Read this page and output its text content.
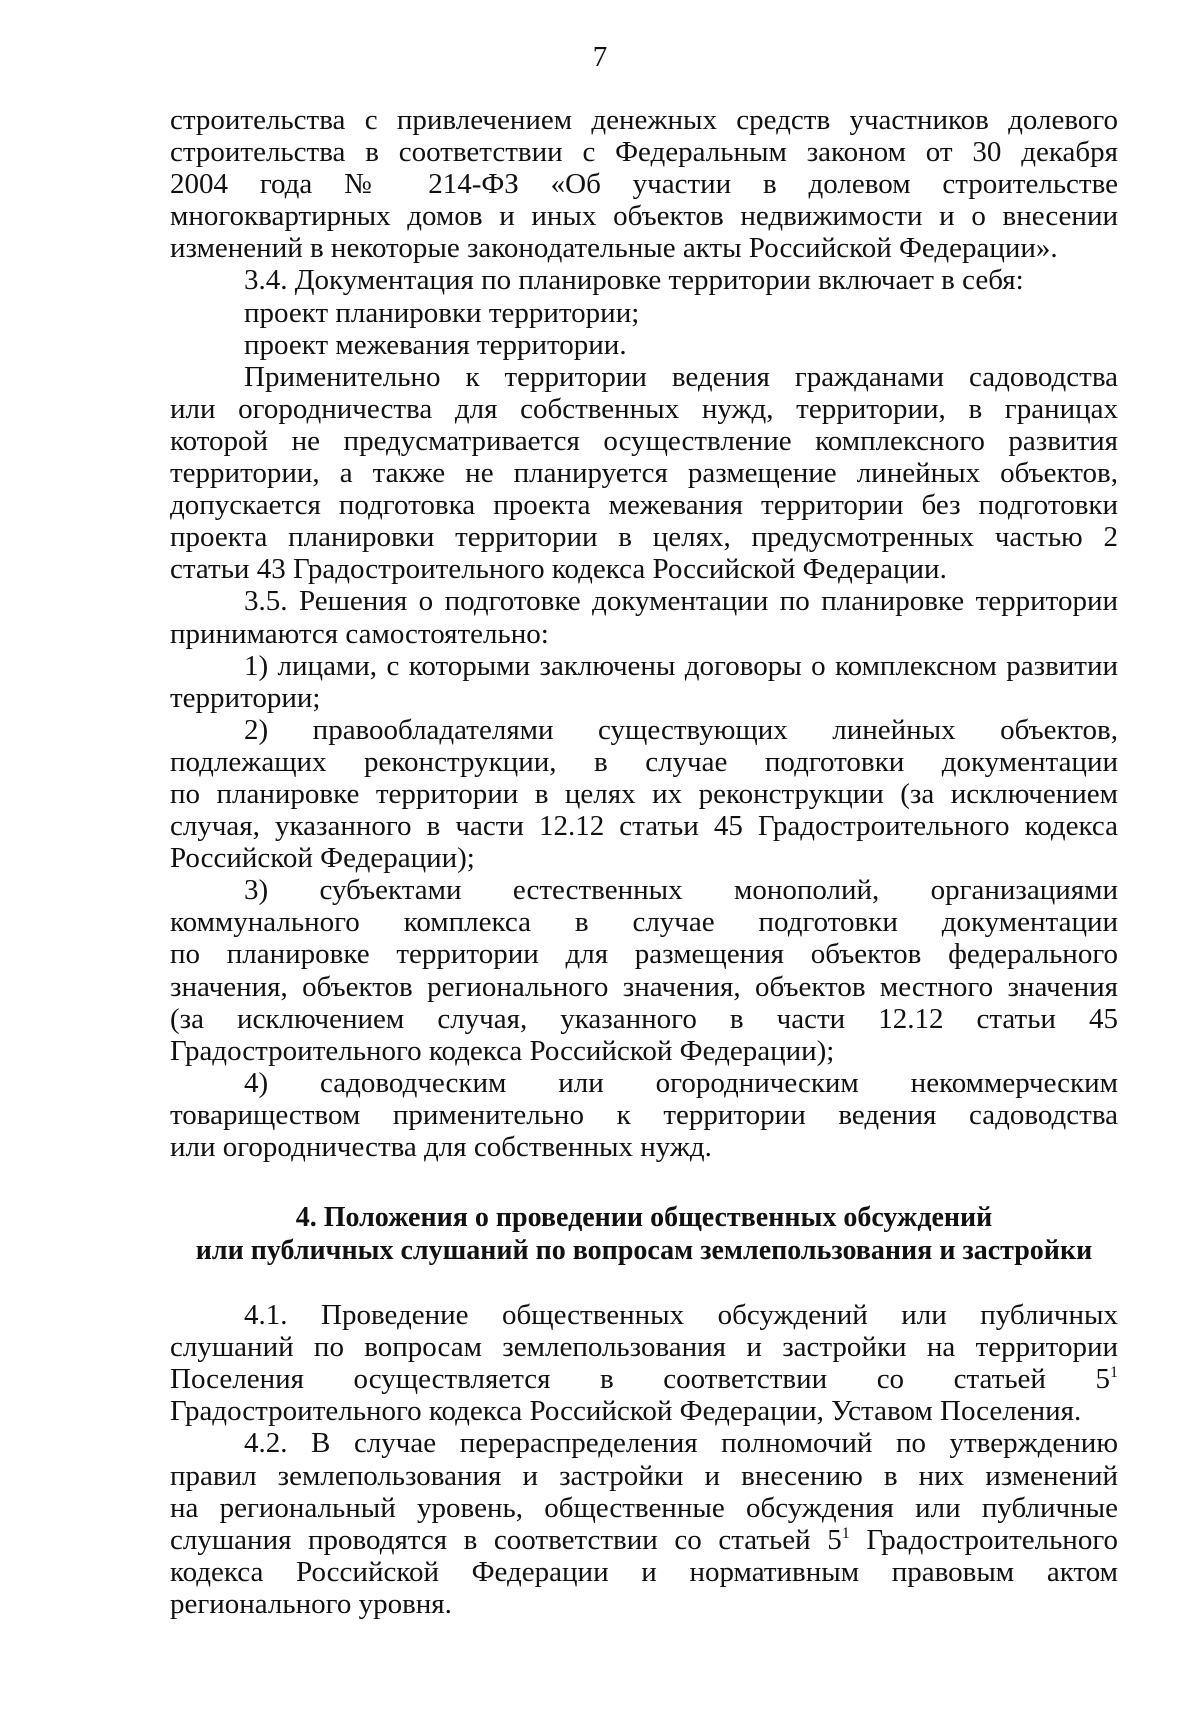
7
строительства с привлечением денежных средств участников долевого
строительства в соответствии с Федеральным законом от 30 декабря
2004 года № 214-ФЗ «Об участии в долевом строительстве
многоквартирных домов и иных объектов недвижимости и о внесении
изменений в некоторые законодательные акты Российской Федерации».
3.4. Документация по планировке территории включает в себя:
проект планировки территории;
проект межевания территории.
Применительно к территории ведения гражданами садоводства
или огородничества для собственных нужд, территории, в границах
которой не предусматривается осуществление комплексного развития
территории, а также не планируется размещение линейных объектов,
допускается подготовка проекта межевания территории без подготовки
проекта планировки территории в целях, предусмотренных частью 2
статьи 43 Градостроительного кодекса Российской Федерации.
3.5. Решения о подготовке документации по планировке территории
принимаются самостоятельно:
1) лицами, с которыми заключены договоры о комплексном развитии
территории;
2) правообладателями существующих линейных объектов,
подлежащих реконструкции, в случае подготовки документации
по планировке территории в целях их реконструкции (за исключением
случая, указанного в части 12.12 статьи 45 Градостроительного кодекса
Российской Федерации);
3) субъектами естественных монополий, организациями
коммунального комплекса в случае подготовки документации
по планировке территории для размещения объектов федерального
значения, объектов регионального значения, объектов местного значения
(за исключением случая, указанного в части 12.12 статьи 45
Градостроительного кодекса Российской Федерации);
4) садоводческим или огородническим некоммерческим
товариществом применительно к территории ведения садоводства
или огородничества для собственных нужд.
4. Положения о проведении общественных обсуждений
или публичных слушаний по вопросам землепользования и застройки
4.1. Проведение общественных обсуждений или публичных
слушаний по вопросам землепользования и застройки на территории
Поселения осуществляется в соответствии со статьей $5^1$
Градостроительного кодекса Российской Федерации, Уставом Поселения.
4.2. В случае перераспределения полномочий по утверждению
правил землепользования и застройки и внесению в них изменений
на региональный уровень, общественные обсуждения или публичные
слушания проводятся в соответствии со статьей $5^1$ Градостроительного
кодекса Российской Федерации и нормативным правовым актом
регионального уровня.
